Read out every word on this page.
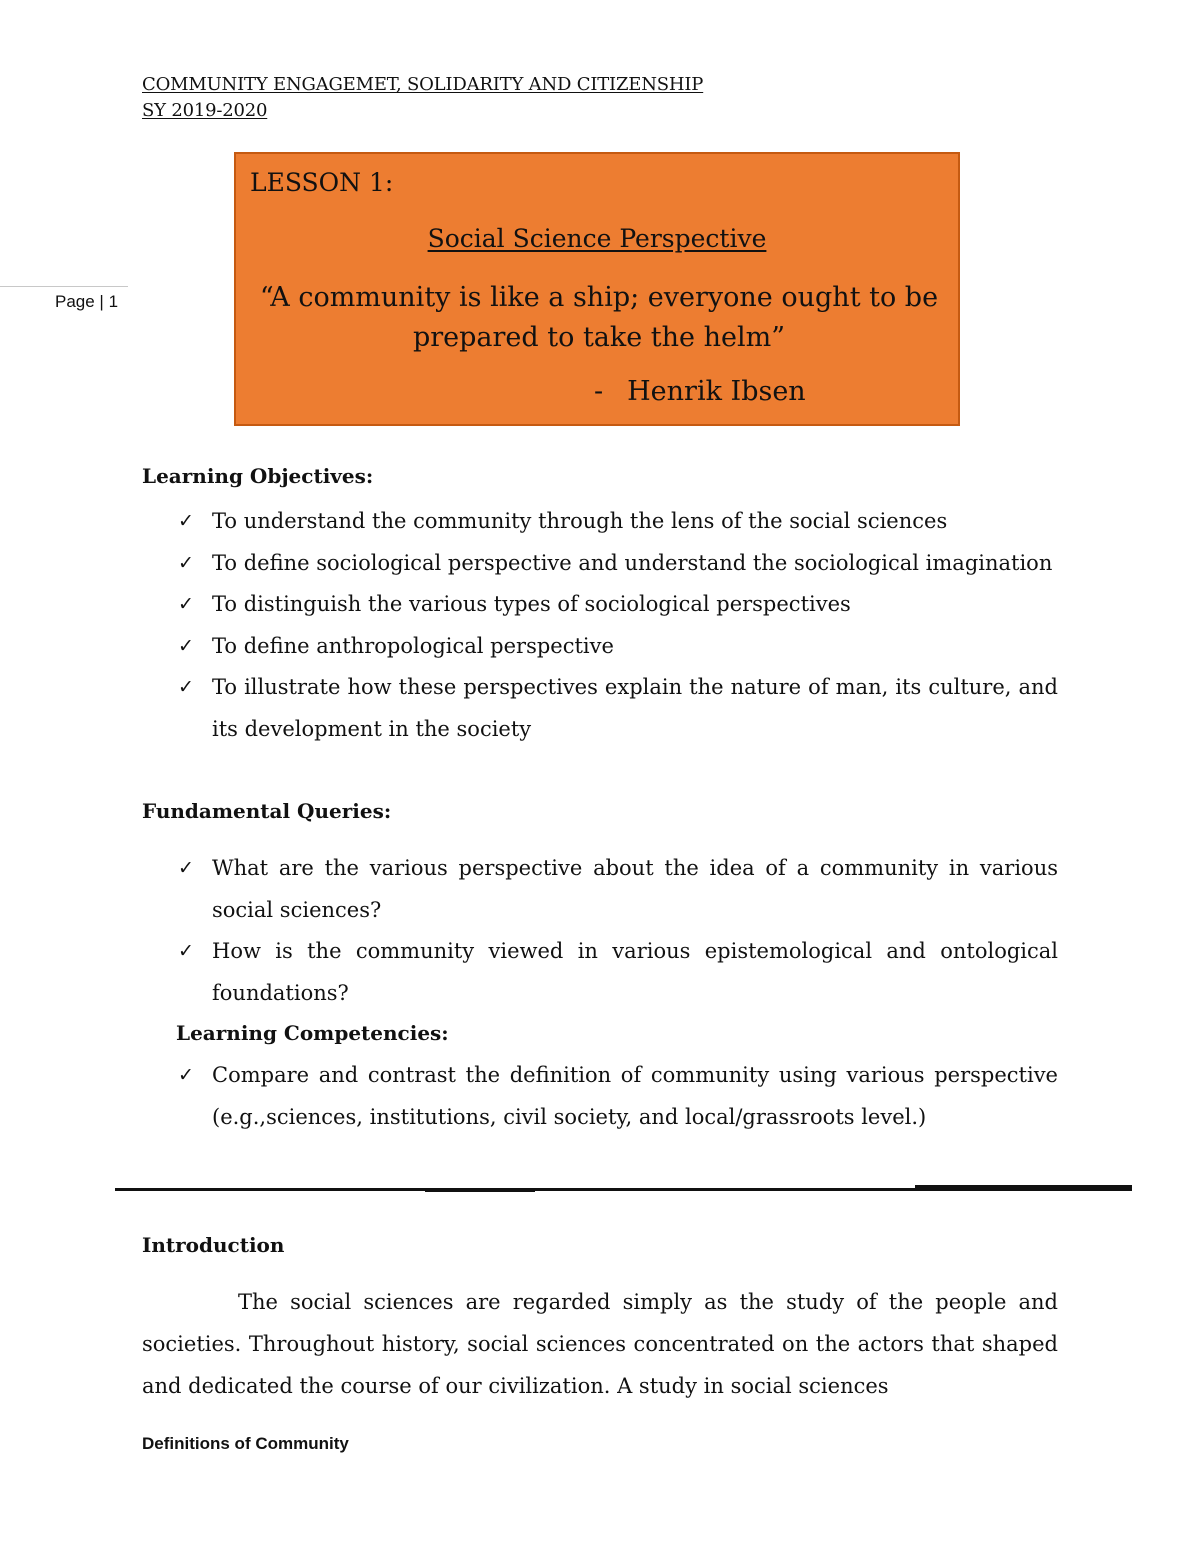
COMMUNITY ENGAGEMET, SOLIDARITY AND CITIZENSHIP
SY 2019-2020
Page | 1
LESSON 1:
Social Science Perspective
“A community is like a ship; everyone ought to be prepared to take the helm”
- Henrik Ibsen
Learning Objectives:
✓ To understand the community through the lens of the social sciences
✓ To define sociological perspective and understand the sociological imagination
✓ To distinguish the various types of sociological perspectives
✓ To define anthropological perspective
✓ To illustrate how these perspectives explain the nature of man, its culture, and its development in the society
Fundamental Queries:
✓ What are the various perspective about the idea of a community in various social sciences?
✓ How is the community viewed in various epistemological and ontological foundations?
Learning Competencies:
✓ Compare and contrast the definition of community using various perspective (e.g.,sciences, institutions, civil society, and local/grassroots level.)
Introduction
The social sciences are regarded simply as the study of the people and societies. Throughout history, social sciences concentrated on the actors that shaped and dedicated the course of our civilization. A study in social sciences
Definitions of Community
